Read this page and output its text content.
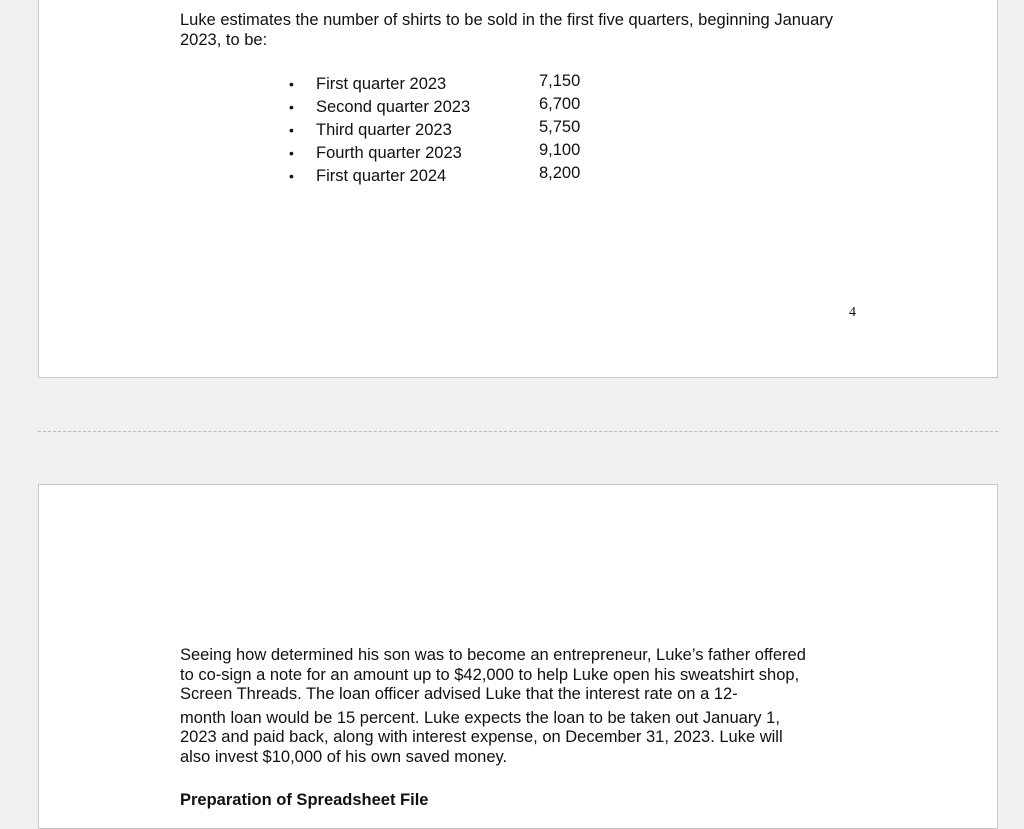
Luke estimates the number of shirts to be sold in the first five quarters, beginning January 2023, to be:

• First quarter 2023	7,150
• Second quarter 2023	6,700
• Third quarter 2023	5,750
• Fourth quarter 2023	9,100
• First quarter 2024	8,200
4

Seeing how determined his son was to become an entrepreneur, Luke’s father offered
to co-sign a note for an amount up to $42,000 to help Luke open his sweatshirt shop,
Screen Threads. The loan officer advised Luke that the interest rate on a 12-
month loan would be 15 percent. Luke expects the loan to be taken out January 1,
2023 and paid back, along with interest expense, on December 31, 2023. Luke will
also invest $10,000 of his own saved money.

Preparation of Spreadsheet File
